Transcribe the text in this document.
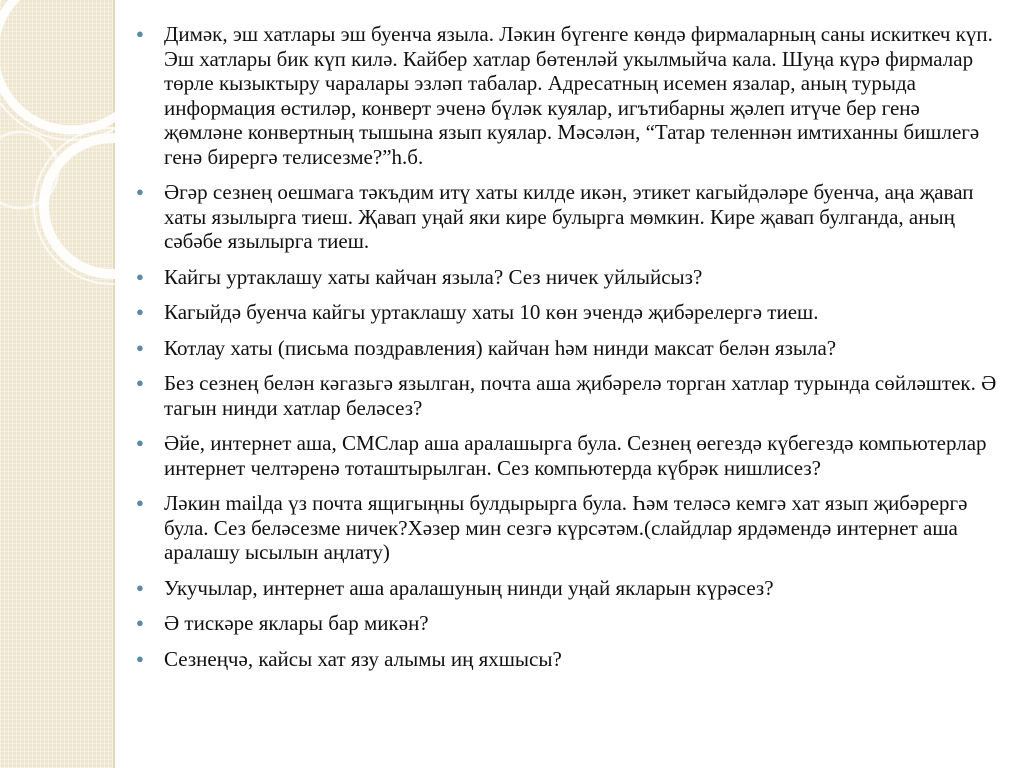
● Димәк, эш хатлары эш буенча языла. Ләкин бүгенге көндә фирмаларның саны искиткеч күп. Эш хатлары бик күп килә. Кайбер хатлар бөтенләй укылмыйча кала. Шуңа күрә фирмалар төрле кызыктыру чаралары эзләп табалар. Адресатның исемен язалар, аның турыда информация өстиләр, конверт эченә бүләк куялар, игътибарны җәлеп итүче бер генә җөмләне конвертның тышына язып куялар. Мәсәлән, “Татар теленнән имтиханны бишлегә генә бирергә телисезме?”һ.б.
● Әгәр сезнең оешмага тәкъдим итү хаты килде икән, этикет кагыйдәләре буенча, аңа җавап хаты язылырга тиеш. Җавап уңай яки кире булырга мөмкин. Кире җавап булганда, аның сәбәбе язылырга тиеш.
● Кайгы уртаклашу хаты кайчан языла? Сез ничек уйлыйсыз?
● Кагыйдә буенча кайгы уртаклашу хаты 10 көн эчендә җибәрелергә тиеш.
● Котлау хаты (письма поздравления) кайчан һәм нинди максат белән языла?
● Без сезнең белән кәгазьгә язылган, почта аша җибәрелә торган хатлар турында сөйләштек. Ә тагын нинди хатлар беләсез?
● Әйе, интернет аша, СМСлар аша аралашырга була. Сезнең өегездә күбегездә компьютерлар интернет челтәренә тоташтырылган. Сез компьютерда күбрәк нишлисез?
● Ләкин mailда үз почта ящигыңны булдырырга була. Һәм теләсә кемгә хат язып җибәрергә була. Сез беләсезме ничек?Хәзер мин сезгә күрсәтәм.(слайдлар ярдәмендә интернет аша аралашу ысылын аңлату)
● Укучылар, интернет аша аралашуның нинди уңай якларын күрәсез?
● Ә тискәре яклары бар микән?
● Сезнеңчә, кайсы хат язу алымы иң яхшысы?
